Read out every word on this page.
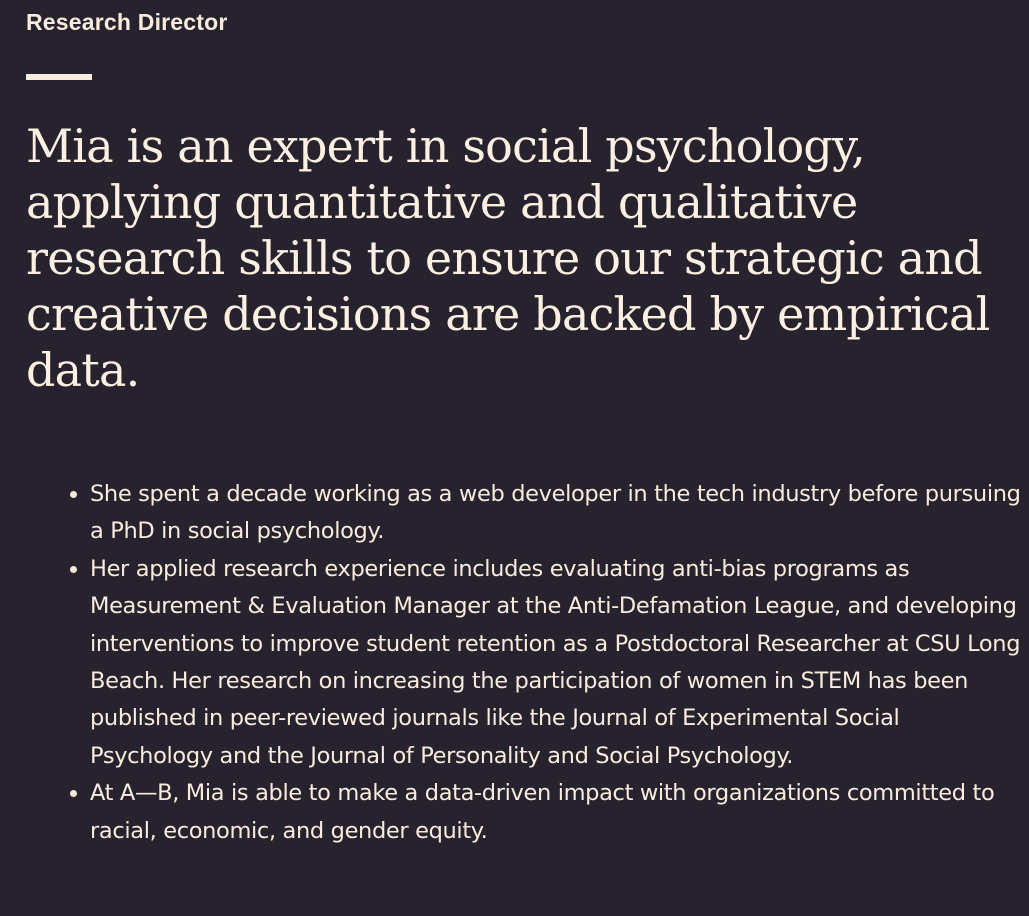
Research Director
Mia is an expert in social psychology, applying quantitative and qualitative research skills to ensure our strategic and creative decisions are backed by empirical data.
• She spent a decade working as a web developer in the tech industry before pursuing a PhD in social psychology.
• Her applied research experience includes evaluating anti-bias programs as Measurement & Evaluation Manager at the Anti-Defamation League, and developing interventions to improve student retention as a Postdoctoral Researcher at CSU Long Beach. Her research on increasing the participation of women in STEM has been published in peer-reviewed journals like the Journal of Experimental Social Psychology and the Journal of Personality and Social Psychology.
• At A—B, Mia is able to make a data-driven impact with organizations committed to racial, economic, and gender equity.
